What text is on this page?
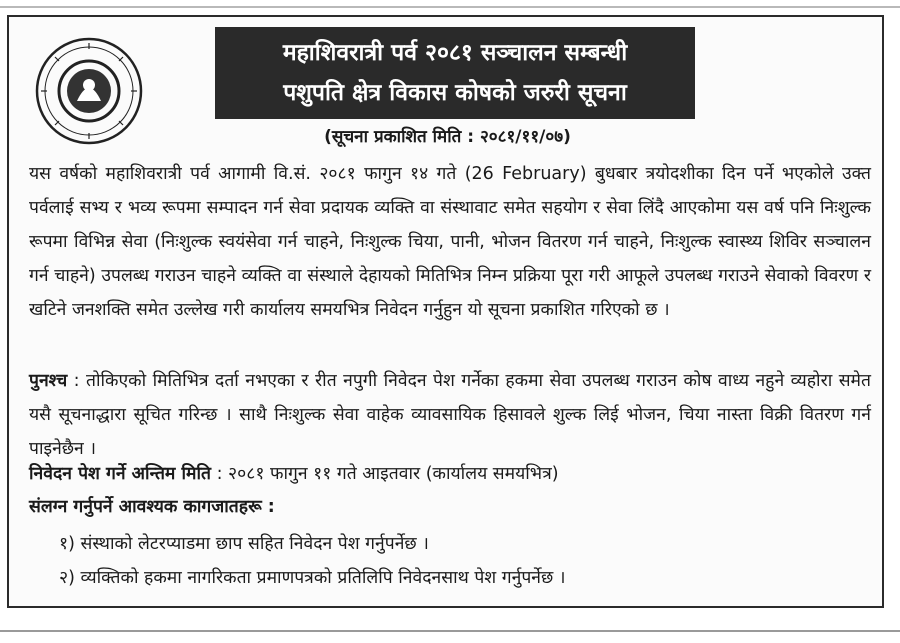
महाशिवरात्री पर्व २०८१ सञ्चालन सम्बन्धी
पशुपति क्षेत्र विकास कोषको जरुरी सूचना
(सूचना प्रकाशित मिति : २०८१/११/०७)

यस वर्षको महाशिवरात्री पर्व आगामी वि.सं. २०८१ फागुन १४ गते (26 February) बुधबार त्रयोदशीका दिन पर्ने भएकोले उक्त पर्वलाई सभ्य र भव्य रूपमा सम्पादन गर्न सेवा प्रदायक व्यक्ति वा संस्थावाट समेत सहयोग र सेवा लिंदै आएकोमा यस वर्ष पनि निःशुल्क रूपमा विभिन्न सेवा (निःशुल्क स्वयंसेवा गर्न चाहने, निःशुल्क चिया, पानी, भोजन वितरण गर्न चाहने, निःशुल्क स्वास्थ्य शिविर सञ्चालन गर्न चाहने) उपलब्ध गराउन चाहने व्यक्ति वा संस्थाले देहायको मितिभित्र निम्न प्रक्रिया पूरा गरी आफूले उपलब्ध गराउने सेवाको विवरण र खटिने जनशक्ति समेत उल्लेख गरी कार्यालय समयभित्र निवेदन गर्नुहुन यो सूचना प्रकाशित गरिएको छ ।

पुनश्च : तोकिएको मितिभित्र दर्ता नभएका र रीत नपुगी निवेदन पेश गर्नेका हकमा सेवा उपलब्ध गराउन कोष वाध्य नहुने व्यहोरा समेत यसै सूचनाद्धारा सूचित गरिन्छ । साथै निःशुल्क सेवा वाहेक व्यावसायिक हिसावले शुल्क लिई भोजन, चिया नास्ता विक्री वितरण गर्न पाइनेछैन ।

निवेदन पेश गर्ने अन्तिम मिति : २०८१ फागुन ११ गते आइतवार (कार्यालय समयभित्र)
संलग्न गर्नुपर्ने आवश्यक कागजातहरू :
१) संस्थाको लेटरप्याडमा छाप सहित निवेदन पेश गर्नुपर्नेछ ।
२) व्यक्तिको हकमा नागरिकता प्रमाणपत्रको प्रतिलिपि निवेदनसाथ पेश गर्नुपर्नेछ ।
